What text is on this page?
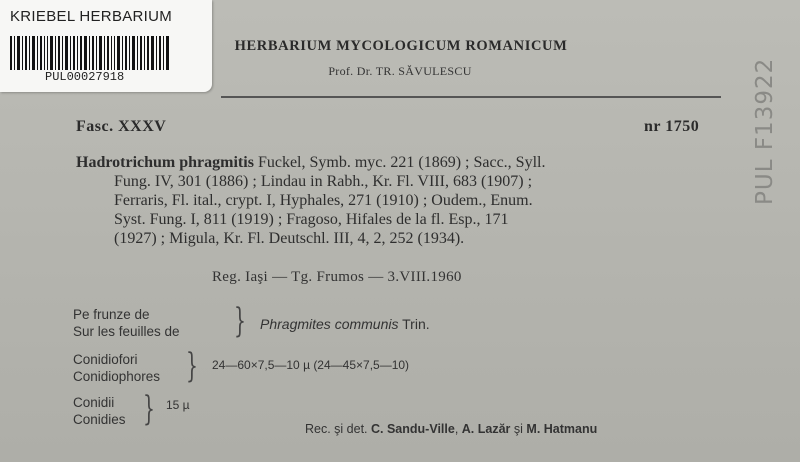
KRIEBEL HERBARIUM
PUL00027918
HERBARIUM MYCOLOGICUM ROMANICUM
Prof. Dr. TR. SĂVULESCU
Fasc. XXXV	nr 1750
Hadrotrichum phragmitis Fuckel, Symb. myc. 221 (1869) ; Sacc., Syll.
Fung. IV, 301 (1886) ; Lindau in Rabh., Kr. Fl. VIII, 683 (1907) ;
Ferraris, Fl. ital., crypt. I, Hyphales, 271 (1910) ; Oudem., Enum.
Syst. Fung. I, 811 (1919) ; Fragoso, Hifales de la fl. Esp., 171
(1927) ; Migula, Kr. Fl. Deutschl. III, 4, 2, 252 (1934).
Reg. Iaşi — Tg. Frumos — 3.VIII.1960
Pe frunze de
Sur les feuilles de } Phragmites communis Trin.
Conidiofori
Conidiophores } 24—60×7,5—10 µ (24—45×7,5—10)
Conidii
Conidies } 15 µ
Rec. şi det. C. Sandu-Ville, A. Lazăr şi M. Hatmanu
PUL F13922
